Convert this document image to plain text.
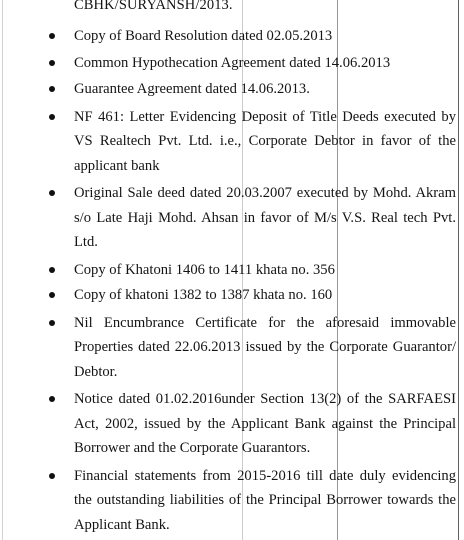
CBHK/SURYANSH/2013.
Copy of Board Resolution dated 02.05.2013
Common Hypothecation Agreement dated 14.06.2013
Guarantee Agreement dated 14.06.2013.
NF 461: Letter Evidencing Deposit of Title Deeds executed by VS Realtech Pvt. Ltd. i.e., Corporate Debtor in favor of the applicant bank
Original Sale deed dated 20.03.2007 executed by Mohd. Akram s/o Late Haji Mohd. Ahsan in favor of M/s V.S. Real tech Pvt. Ltd.
Copy of Khatoni 1406 to 1411 khata no. 356
Copy of khatoni 1382 to 1387 khata no. 160
Nil Encumbrance Certificate for the aforesaid immovable Properties dated 22.06.2013 issued by the Corporate Guarantor/ Debtor.
Notice dated 01.02.2016under Section 13(2) of the SARFAESI Act, 2002, issued by the Applicant Bank against the Principal Borrower and the Corporate Guarantors.
Financial statements from 2015-2016 till date duly evidencing the outstanding liabilities of the Principal Borrower towards the Applicant Bank.
